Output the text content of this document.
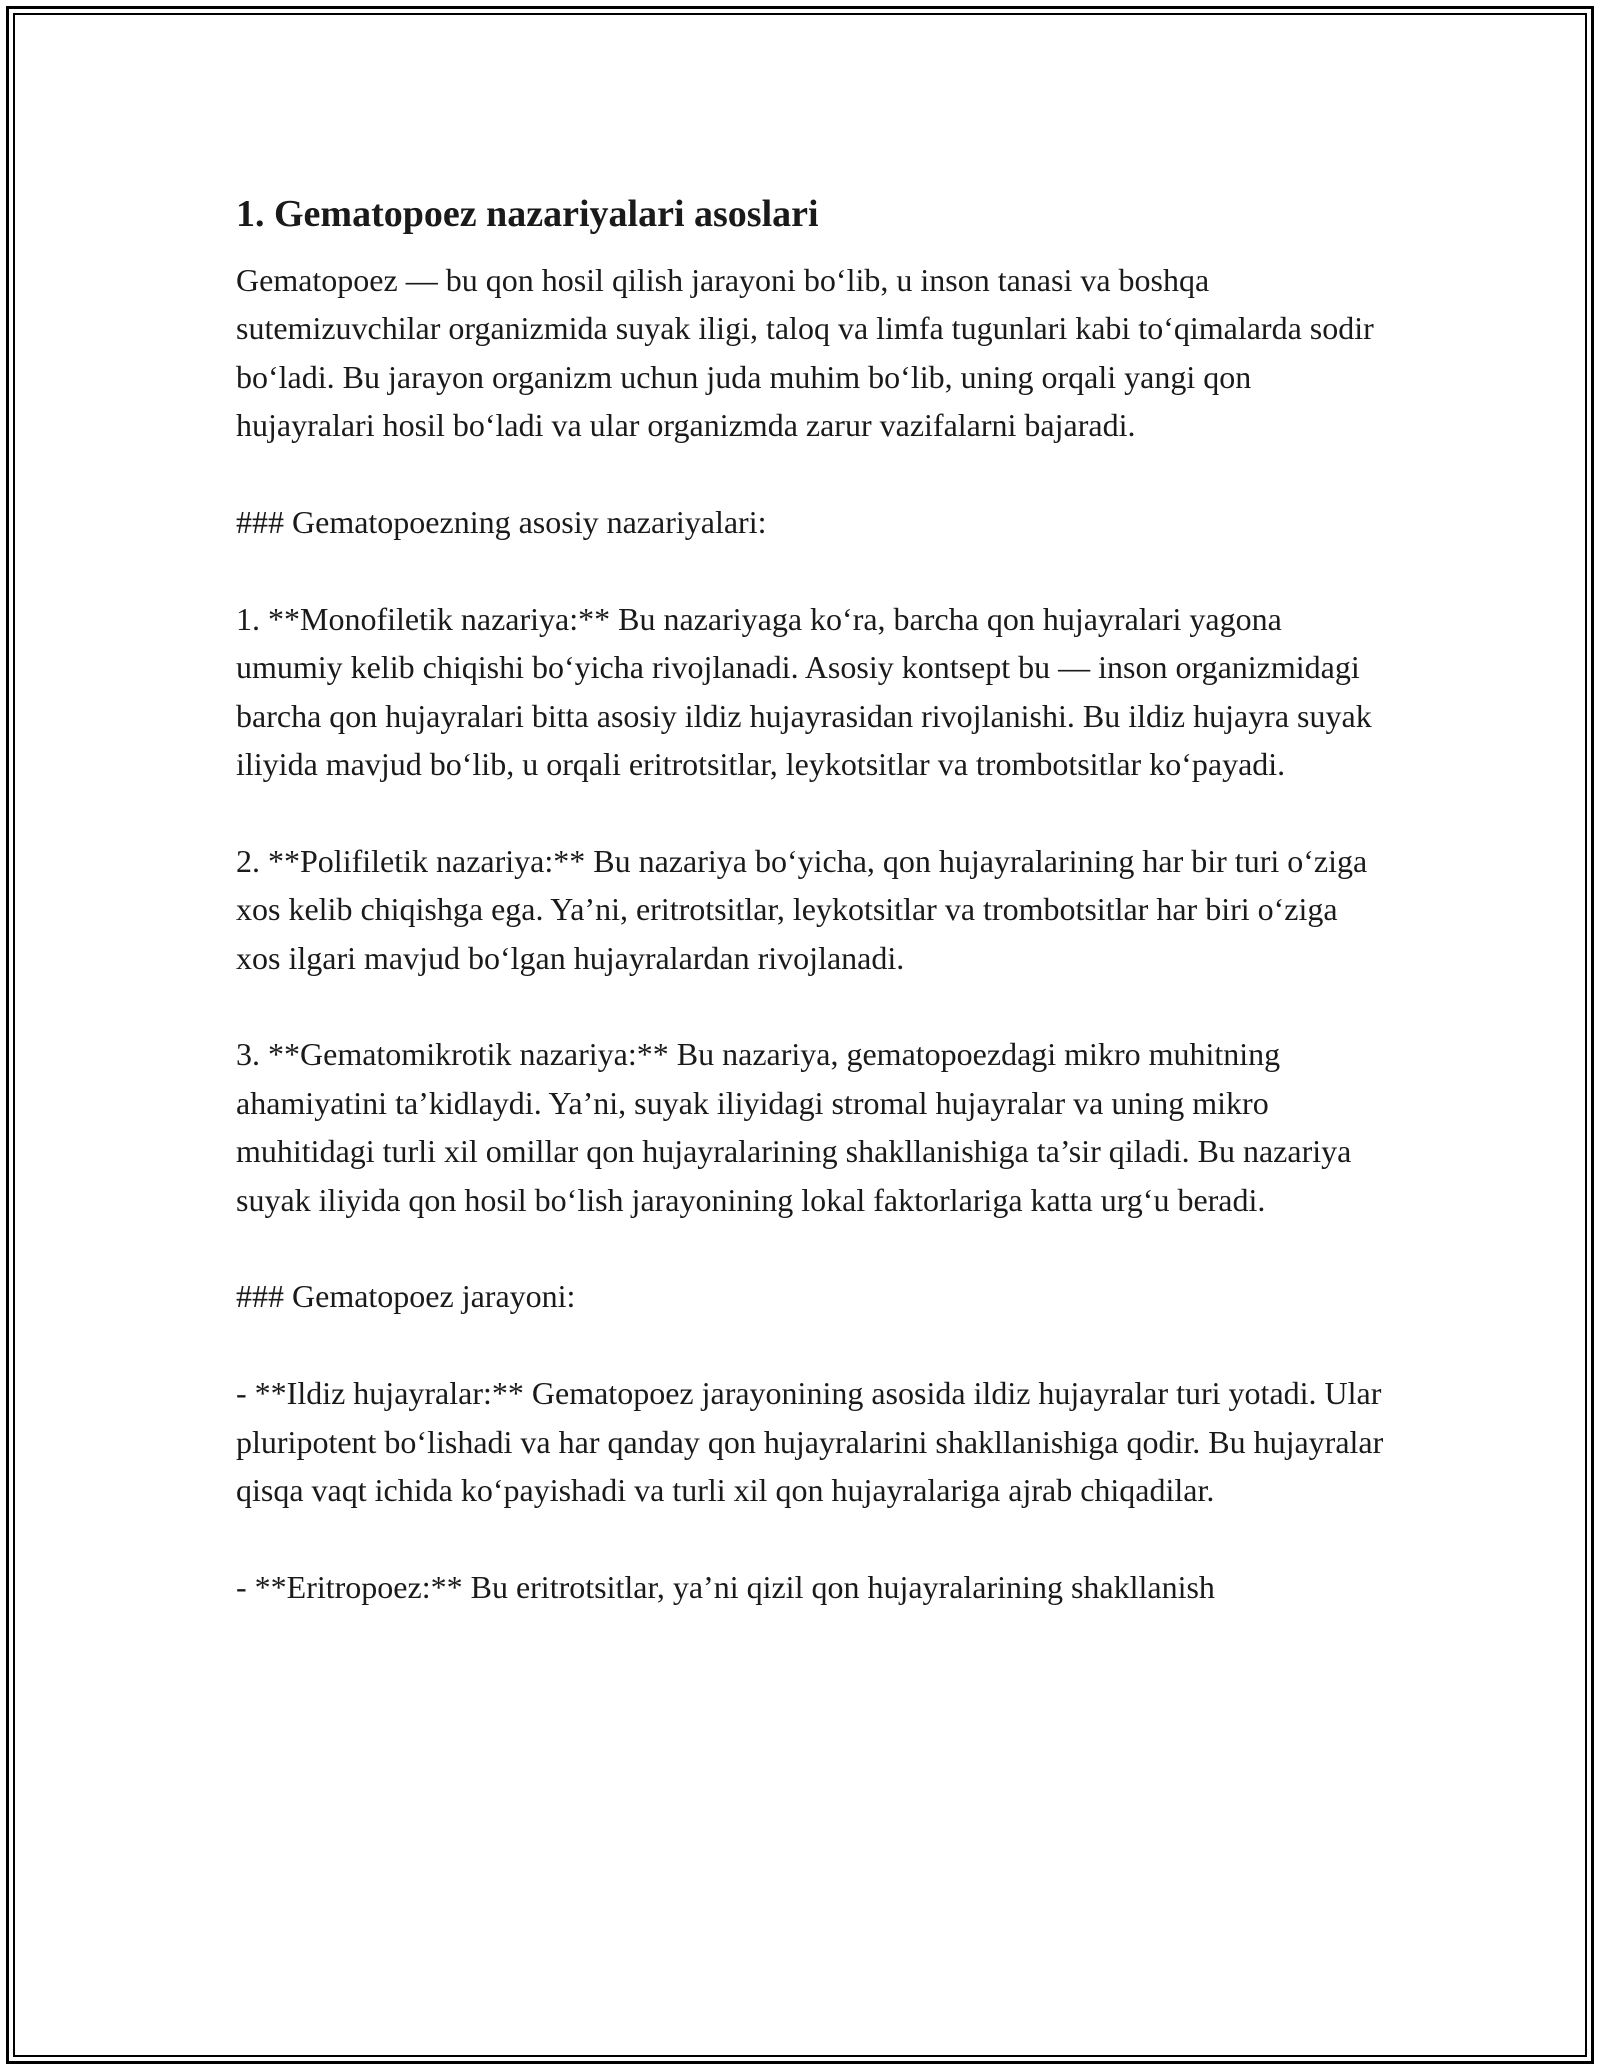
1. Gematopoez nazariyalari asoslari
Gematopoez — bu qon hosil qilish jarayoni bo‘lib, u inson tanasi va boshqa sutemizuvchilar organizmida suyak iligi, taloq va limfa tugunlari kabi to‘qimalarda sodir bo‘ladi. Bu jarayon organizm uchun juda muhim bo‘lib, uning orqali yangi qon hujayralari hosil bo‘ladi va ular organizmda zarur vazifalarni bajaradi.
### Gematopoezning asosiy nazariyalari:
1. **Monofiletik nazariya:** Bu nazariyaga ko‘ra, barcha qon hujayralari yagona umumiy kelib chiqishi bo‘yicha rivojlanadi. Asosiy kontsept bu — inson organizmidagi barcha qon hujayralari bitta asosiy ildiz hujayrasidan rivojlanishi. Bu ildiz hujayra suyak iliyida mavjud bo‘lib, u orqali eritrotsitlar, leykotsitlar va trombotsitlar ko‘payadi.
2. **Polifiletik nazariya:** Bu nazariya bo‘yicha, qon hujayralarining har bir turi o‘ziga xos kelib chiqishga ega. Ya’ni, eritrotsitlar, leykotsitlar va trombotsitlar har biri o‘ziga xos ilgari mavjud bo‘lgan hujayralardan rivojlanadi.
3. **Gematomikrotik nazariya:** Bu nazariya, gematopoezdagi mikro muhitning ahamiyatini ta’kidlaydi. Ya’ni, suyak iliyidagi stromal hujayralar va uning mikro muhitidagi turli xil omillar qon hujayralarining shakllanishiga ta’sir qiladi. Bu nazariya suyak iliyida qon hosil bo‘lish jarayonining lokal faktorlariga katta urg‘u beradi.
### Gematopoez jarayoni:
- **Ildiz hujayralar:** Gematopoez jarayonining asosida ildiz hujayralar turi yotadi. Ular pluripotent bo‘lishadi va har qanday qon hujayralarini shakllanishiga qodir. Bu hujayralar qisqa vaqt ichida ko‘payishadi va turli xil qon hujayralariga ajrab chiqadilar.
- **Eritropoez:** Bu eritrotsitlar, ya’ni qizil qon hujayralarining shakllanish
